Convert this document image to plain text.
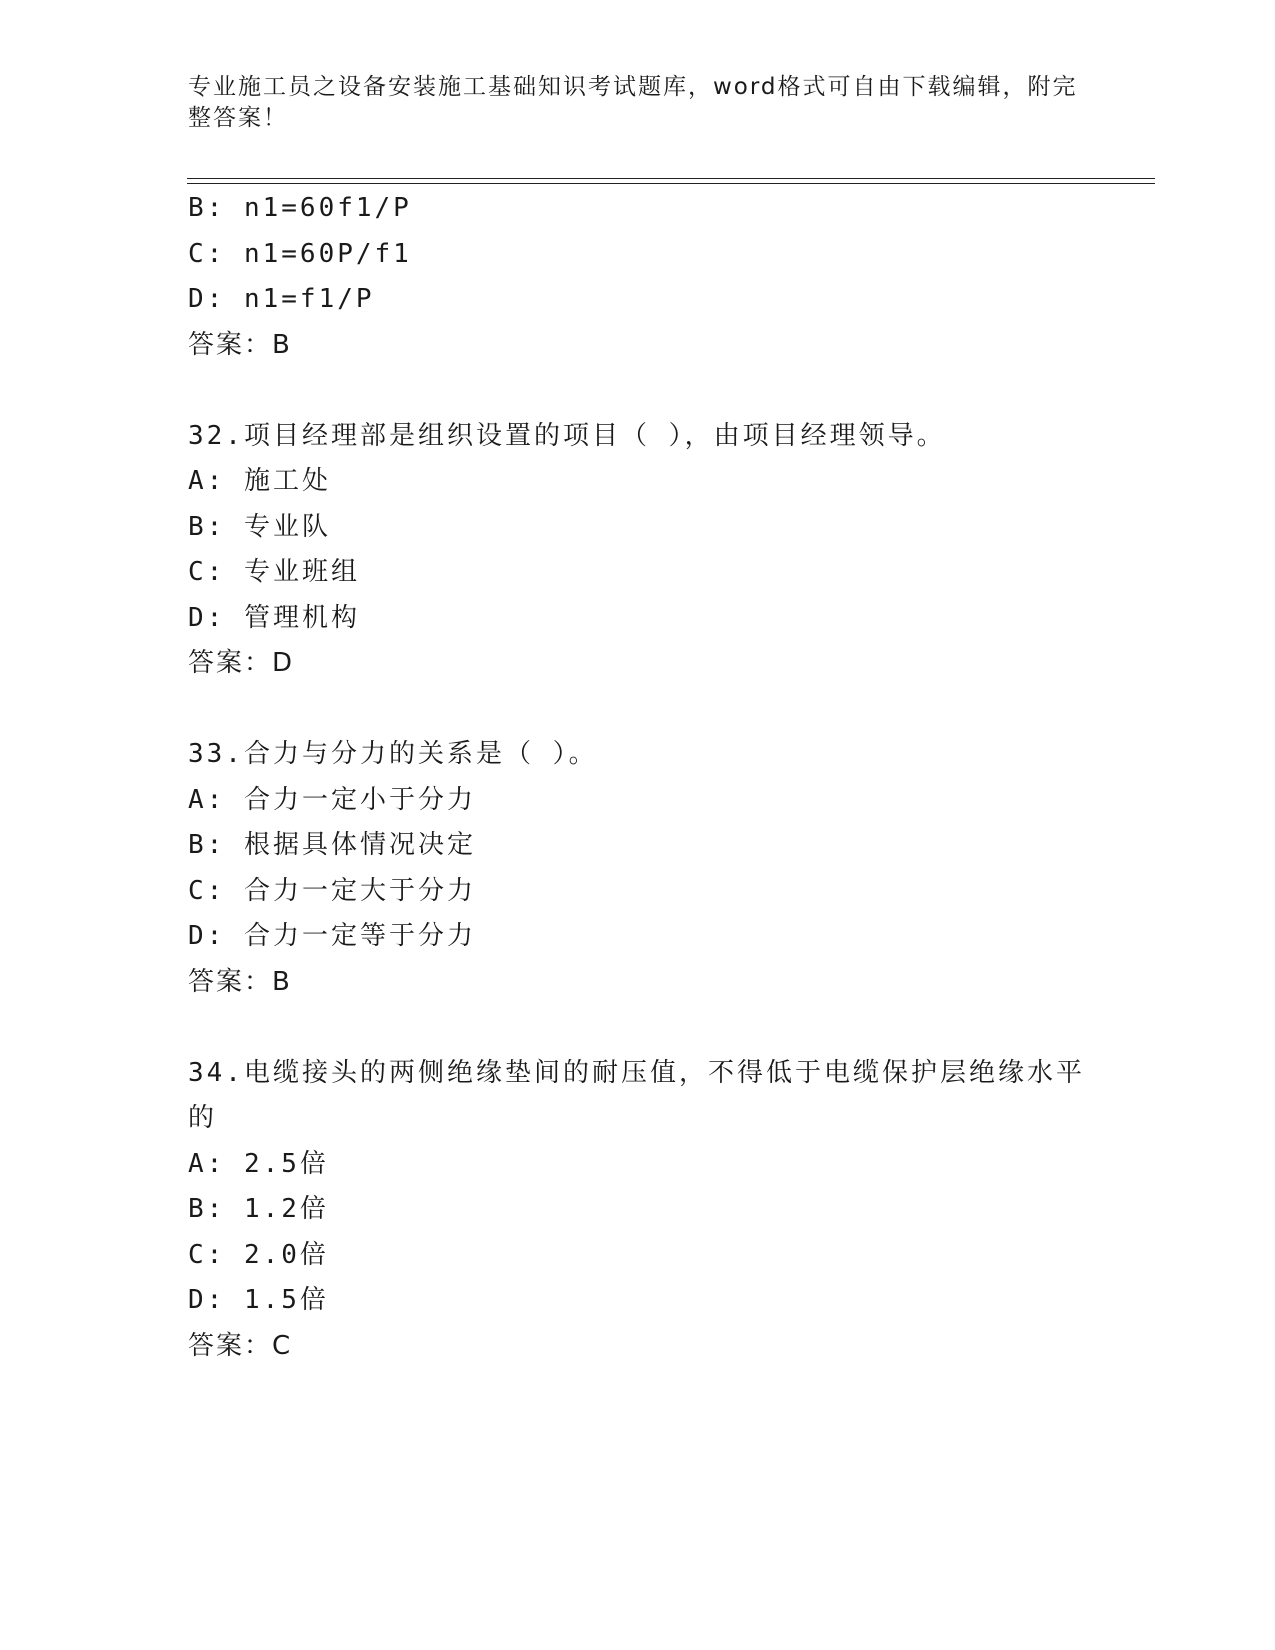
专业施工员之设备安装施工基础知识考试题库，word格式可自由下载编辑，附完
整答案！
B: n1=60f1/P
C: n1=60P/f1
D: n1=f1/P
答案：B
32.项目经理部是组织设置的项目（ ），由项目经理领导。
A: 施工处
B: 专业队
C: 专业班组
D: 管理机构
答案：D
33.合力与分力的关系是（ ）。
A: 合力一定小于分力
B: 根据具体情况决定
C: 合力一定大于分力
D: 合力一定等于分力
答案：B
34.电缆接头的两侧绝缘垫间的耐压值，不得低于电缆保护层绝缘水平
的
A: 2.5倍
B: 1.2倍
C: 2.0倍
D: 1.5倍
答案：C
